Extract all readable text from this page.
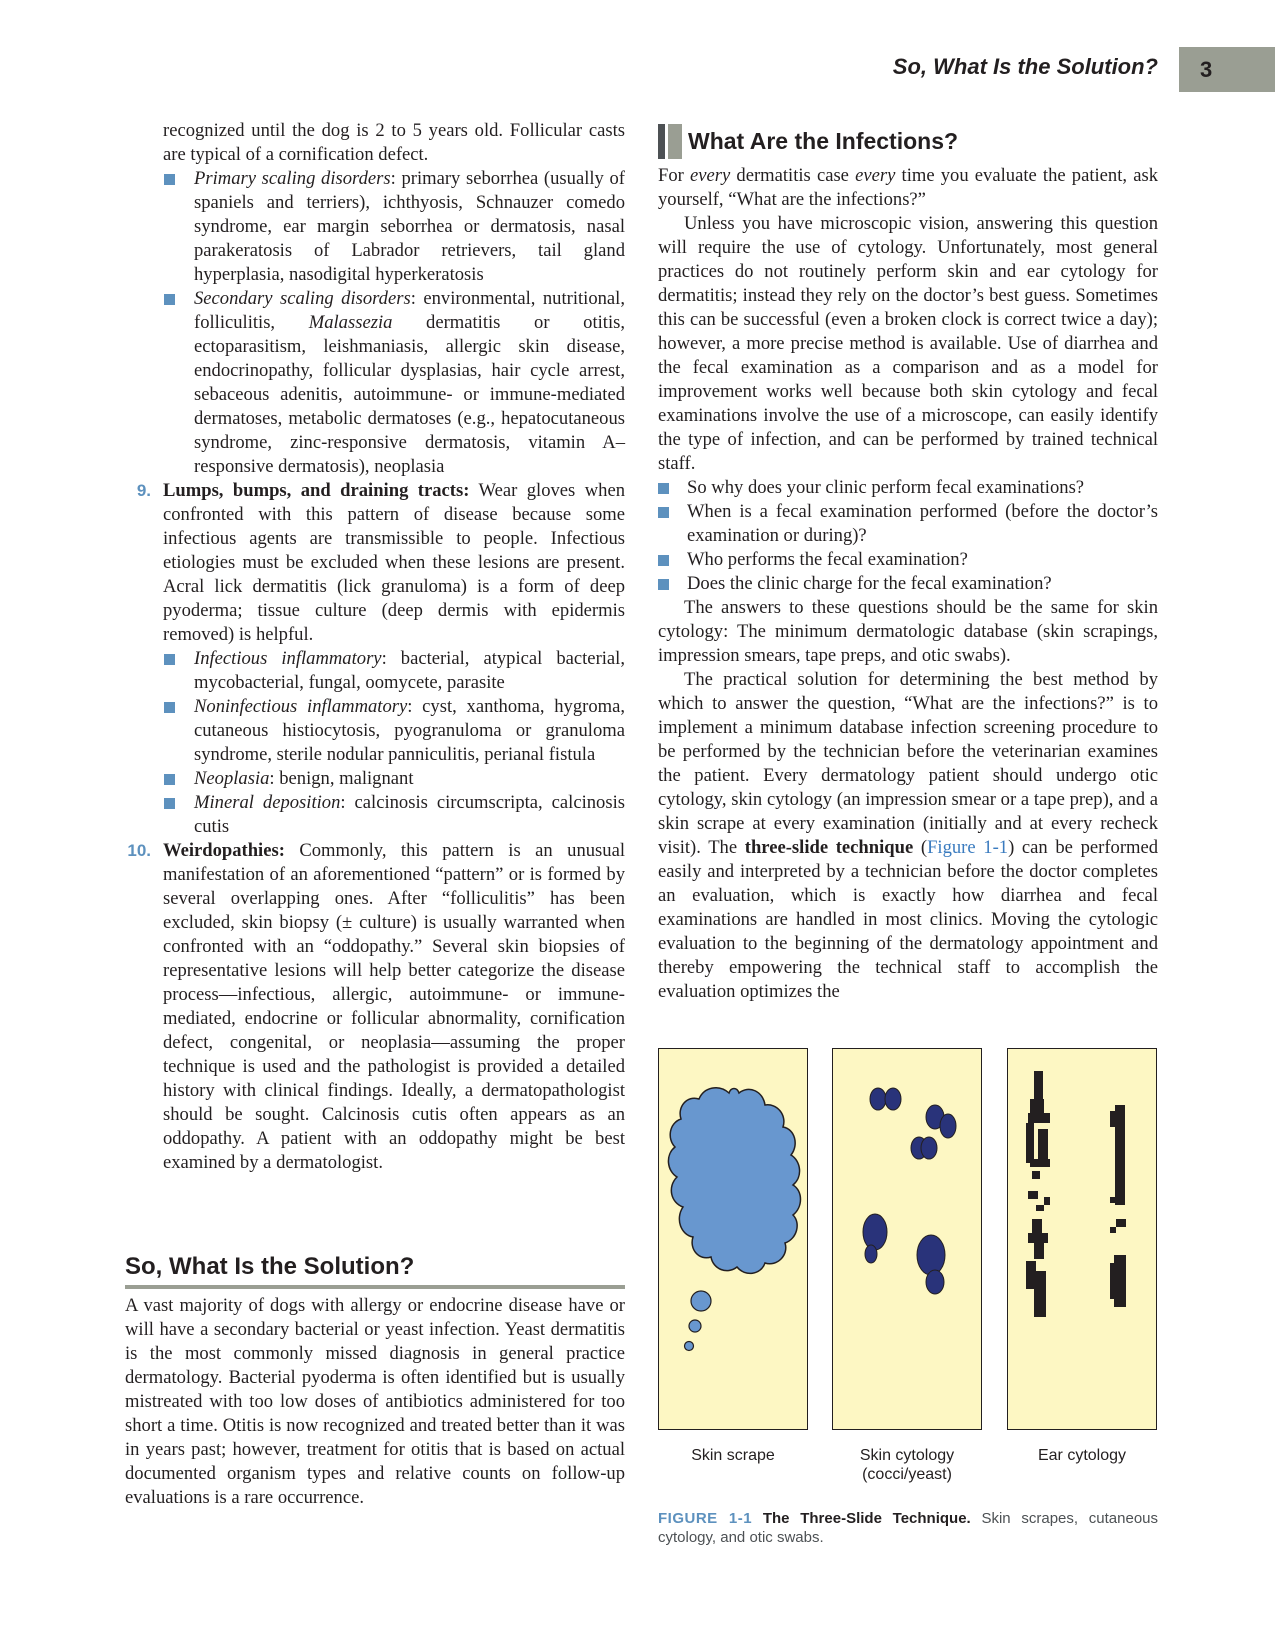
So, What Is the Solution? 3

recognized until the dog is 2 to 5 years old. Follicular casts are typical of a cornification defect.

Primary scaling disorders: primary seborrhea (usually of spaniels and terriers), ichthyosis, Schnauzer comedo syndrome, ear margin seborrhea or dermatosis, nasal parakeratosis of Labrador retrievers, tail gland hyperplasia, nasodigital hyperkeratosis

Secondary scaling disorders: environmental, nutritional, folliculitis, Malassezia dermatitis or otitis, ectoparasitism, leishmaniasis, allergic skin disease, endocrinopathy, follicular dysplasias, hair cycle arrest, sebaceous adenitis, autoimmune- or immune-mediated dermatoses, metabolic dermatoses (e.g., hepatocutaneous syndrome, zinc-responsive dermatosis, vitamin A–responsive dermatosis), neoplasia

9. Lumps, bumps, and draining tracts: Wear gloves when confronted with this pattern of disease because some infectious agents are transmissible to people. Infectious etiologies must be excluded when these lesions are present. Acral lick dermatitis (lick granuloma) is a form of deep pyoderma; tissue culture (deep dermis with epidermis removed) is helpful.

Infectious inflammatory: bacterial, atypical bacterial, mycobacterial, fungal, oomycete, parasite

Noninfectious inflammatory: cyst, xanthoma, hygroma, cutaneous histiocytosis, pyogranuloma or granuloma syndrome, sterile nodular panniculitis, perianal fistula

Neoplasia: benign, malignant

Mineral deposition: calcinosis circumscripta, calcinosis cutis

10. Weirdopathies: Commonly, this pattern is an unusual manifestation of an aforementioned “pattern” or is formed by several overlapping ones. After “folliculitis” has been excluded, skin biopsy (± culture) is usually warranted when confronted with an “oddopathy.” Several skin biopsies of representative lesions will help better categorize the disease process—infectious, allergic, autoimmune- or immune-mediated, endocrine or follicular abnormality, cornification defect, congenital, or neoplasia—assuming the proper technique is used and the pathologist is provided a detailed history with clinical findings. Ideally, a dermatopathologist should be sought. Calcinosis cutis often appears as an oddopathy. A patient with an oddopathy might be best examined by a dermatologist.

So, What Is the Solution?

A vast majority of dogs with allergy or endocrine disease have or will have a secondary bacterial or yeast infection. Yeast dermatitis is the most commonly missed diagnosis in general practice dermatology. Bacterial pyoderma is often identified but is usually mistreated with too low doses of antibiotics administered for too short a time. Otitis is now recognized and treated better than it was in years past; however, treatment for otitis that is based on actual documented organism types and relative counts on follow-up evaluations is a rare occurrence.

What Are the Infections?

For every dermatitis case every time you evaluate the patient, ask yourself, “What are the infections?”

Unless you have microscopic vision, answering this question will require the use of cytology. Unfortunately, most general practices do not routinely perform skin and ear cytology for dermatitis; instead they rely on the doctor’s best guess. Sometimes this can be successful (even a broken clock is correct twice a day); however, a more precise method is available. Use of diarrhea and the fecal examination as a comparison and as a model for improvement works well because both skin cytology and fecal examinations involve the use of a microscope, can easily identify the type of infection, and can be performed by trained technical staff.

So why does your clinic perform fecal examinations?

When is a fecal examination performed (before the doctor’s examination or during)?

Who performs the fecal examination?

Does the clinic charge for the fecal examination?

The answers to these questions should be the same for skin cytology: The minimum dermatologic database (skin scrapings, impression smears, tape preps, and otic swabs).

The practical solution for determining the best method by which to answer the question, “What are the infections?” is to implement a minimum database infection screening procedure to be performed by the technician before the veterinarian examines the patient. Every dermatology patient should undergo otic cytology, skin cytology (an impression smear or a tape prep), and a skin scrape at every examination (initially and at every recheck visit). The three-slide technique (Figure 1-1) can be performed easily and interpreted by a technician before the doctor completes an evaluation, which is exactly how diarrhea and fecal examinations are handled in most clinics. Moving the cytologic evaluation to the beginning of the dermatology appointment and thereby empowering the technical staff to accomplish the evaluation optimizes the

Skin scrape	Skin cytology
(cocci/yeast)
Ear cytology

FIGURE 1-1 The Three-Slide Technique. Skin scrapes, cutaneous cytology, and otic swabs.
